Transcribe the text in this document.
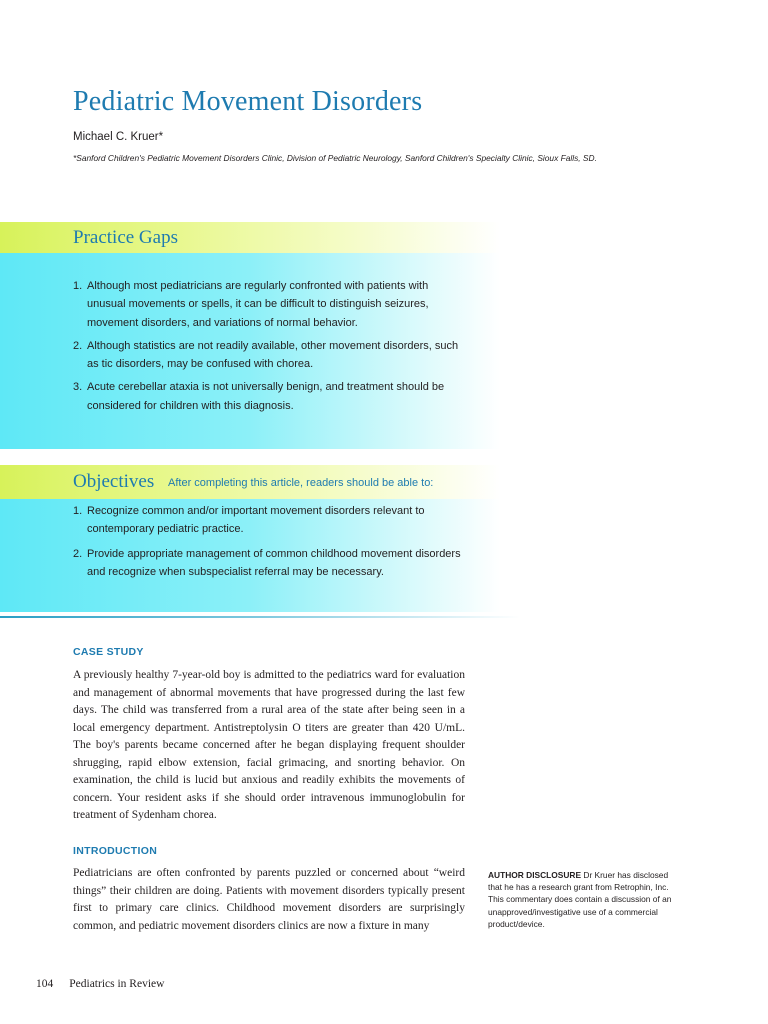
Pediatric Movement Disorders
Michael C. Kruer*
*Sanford Children's Pediatric Movement Disorders Clinic, Division of Pediatric Neurology, Sanford Children's Specialty Clinic, Sioux Falls, SD.
Practice Gaps
1. Although most pediatricians are regularly confronted with patients with unusual movements or spells, it can be difficult to distinguish seizures, movement disorders, and variations of normal behavior.
2. Although statistics are not readily available, other movement disorders, such as tic disorders, may be confused with chorea.
3. Acute cerebellar ataxia is not universally benign, and treatment should be considered for children with this diagnosis.
Objectives After completing this article, readers should be able to:
1. Recognize common and/or important movement disorders relevant to contemporary pediatric practice.
2. Provide appropriate management of common childhood movement disorders and recognize when subspecialist referral may be necessary.
CASE STUDY

A previously healthy 7-year-old boy is admitted to the pediatrics ward for evaluation and management of abnormal movements that have progressed during the last few days. The child was transferred from a rural area of the state after being seen in a local emergency department. Antistreptolysin O titers are greater than 420 U/mL. The boy's parents became concerned after he began displaying frequent shoulder shrugging, rapid elbow extension, facial grimacing, and snorting behavior. On examination, the child is lucid but anxious and readily exhibits the movements of concern. Your resident asks if she should order intravenous immunoglobulin for treatment of Sydenham chorea.

INTRODUCTION

Pediatricians are often confronted by parents puzzled or concerned about “weird things” their children are doing. Patients with movement disorders typically present first to primary care clinics. Childhood movement disorders are surprisingly common, and pediatric movement disorders clinics are now a fixture in many

AUTHOR DISCLOSURE Dr Kruer has disclosed that he has a research grant from Retrophin, Inc. This commentary does contain a discussion of an unapproved/investigative use of a commercial product/device.

104 Pediatrics in Review
